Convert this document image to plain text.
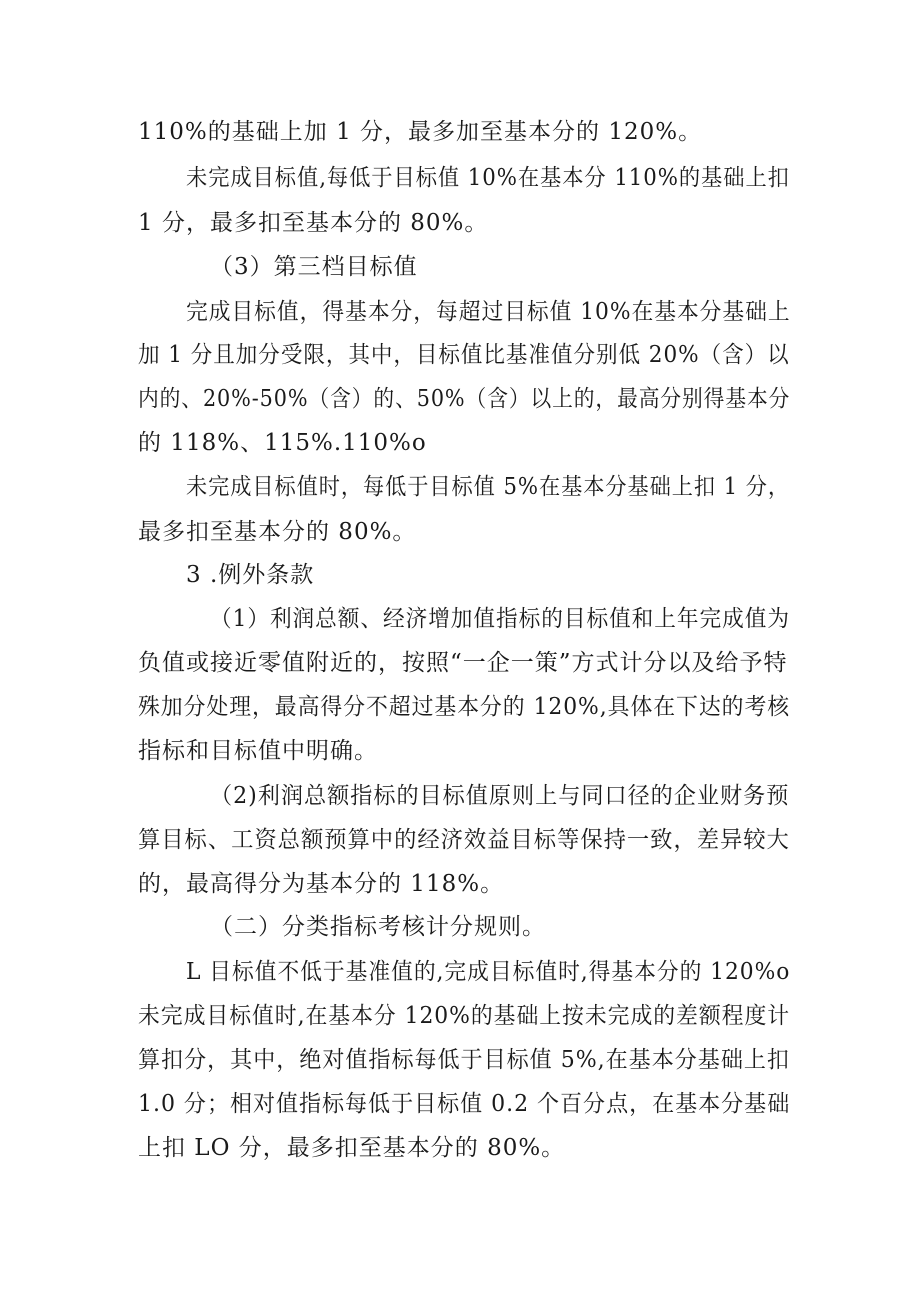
110%的基础上加 1 分，最多加至基本分的 120%。
未完成目标值,每低于目标值 10%在基本分 110%的基础上扣
1 分，最多扣至基本分的 80%。
（3）第三档目标值
完成目标值，得基本分，每超过目标值 10%在基本分基础上
加 1 分且加分受限，其中，目标值比基准值分别低 20%（含）以
内的、20%-50%（含）的、50%（含）以上的，最高分别得基本分
的 118%、115%.110%o
未完成目标值时，每低于目标值 5%在基本分基础上扣 1 分，
最多扣至基本分的 80%。
3 .例外条款
（1）利润总额、经济增加值指标的目标值和上年完成值为
负值或接近零值附近的，按照“一企一策”方式计分以及给予特
殊加分处理，最高得分不超过基本分的 120%,具体在下达的考核
指标和目标值中明确。
（2)利润总额指标的目标值原则上与同口径的企业财务预
算目标、工资总额预算中的经济效益目标等保持一致，差异较大
的，最高得分为基本分的 118%。
（二）分类指标考核计分规则。
L 目标值不低于基准值的,完成目标值时,得基本分的 120%o
未完成目标值时,在基本分 120%的基础上按未完成的差额程度计
算扣分，其中，绝对值指标每低于目标值 5%,在基本分基础上扣
1.0 分；相对值指标每低于目标值 0.2 个百分点，在基本分基础
上扣 LO 分，最多扣至基本分的 80%。
